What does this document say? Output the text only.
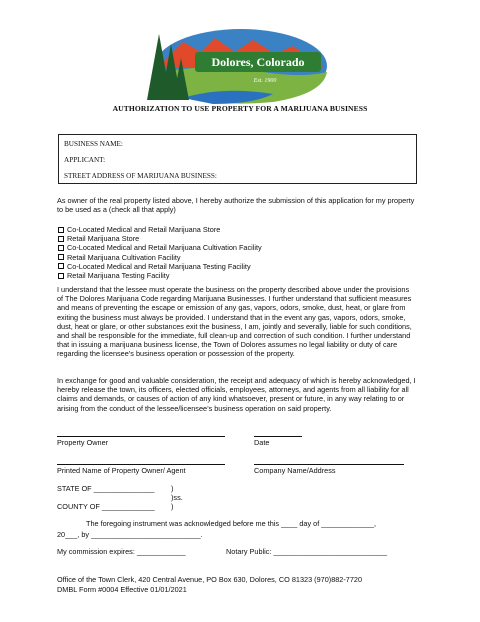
Dolores, Colorado
Est. 1900
AUTHORIZATION TO USE PROPERTY FOR A MARIJUANA BUSINESS
BUSINESS NAME:
APPLICANT:
STREET ADDRESS OF MARIJUANA BUSINESS:
As owner of the real property listed above, I hereby authorize the submission of this application for my property to be used as a (check all that apply)
Co-Located Medical and Retail Marijuana Store
Retail Marijuana Store
Co-Located Medical and Retail Marijuana Cultivation Facility
Retail Marijuana Cultivation Facility
Co-Located Medical and Retail Marijuana Testing Facility
Retail Marijuana Testing Facility
I understand that the lessee must operate the business on the property described above under the provisions of The Dolores Marijuana Code regarding Marijuana Businesses. I further understand that sufficient measures and means of preventing the escape or emission of any gas, vapors, odors, smoke, dust, heat, or glare from exiting the business must always be provided. I understand that in the event any gas, vapors, odors, smoke, dust, heat or glare, or other substances exit the business, I am, jointly and severally, liable for such conditions, and shall be responsible for the immediate, full clean-up and correction of such condition. I further understand that in issuing a marijuana business license, the Town of Dolores assumes no legal liability or duty of care regarding the licensee’s business operation or possession of the property.
In exchange for good and valuable consideration, the receipt and adequacy of which is hereby acknowledged, I hereby release the town, its officers, elected officials, employees, attorneys, and agents from all liability for all claims and demands, or causes of action of any kind whatsoever, present or future, in any way relating to or arising from the conduct of the lessee/licensee’s business operation on said property.
Property Owner	Date
Printed Name of Property Owner/ Agent	Company Name/Address
STATE OF _______________
COUNTY OF _____________
)
)ss.
)
The foregoing instrument was acknowledged before me this ____ day of _____________,
20___, by ___________________________.
My commission expires: ____________	Notary Public: ____________________________
Office of the Town Clerk, 420 Central Avenue, PO Box 630, Dolores, CO 81323 (970)882-7720
DMBL Form #0004 Effective 01/01/2021
